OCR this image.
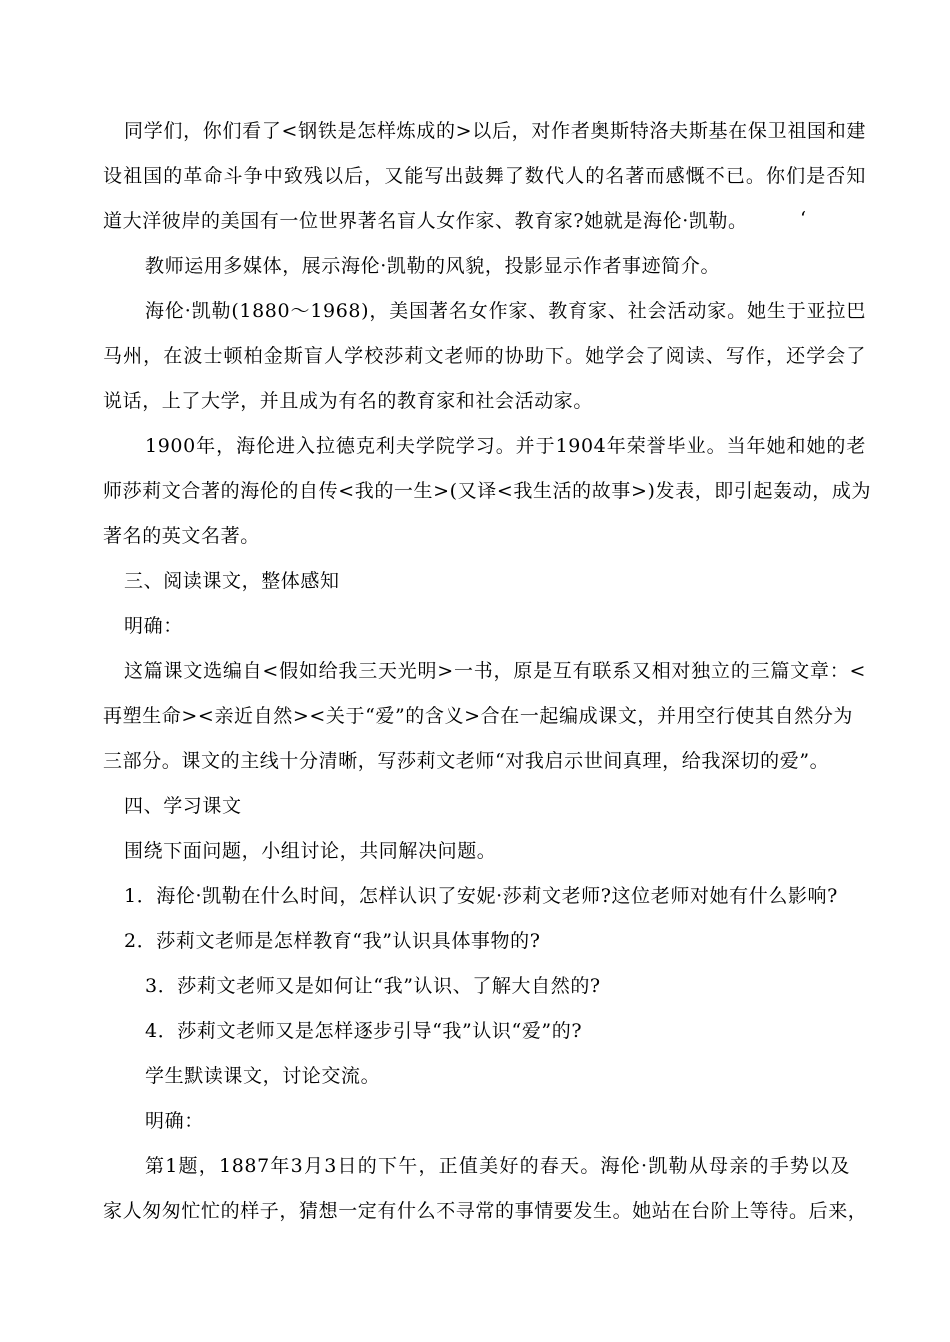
同学们，你们看了<钢铁是怎样炼成的>以后，对作者奥斯特洛夫斯基在保卫祖国和建
设祖国的革命斗争中致残以后，又能写出鼓舞了数代人的名著而感慨不已。你们是否知
道大洋彼岸的美国有一位世界著名盲人女作家、教育家?她就是海伦·凯勒。	‘
教师运用多媒体，展示海伦·凯勒的风貌，投影显示作者事迹简介。
海伦·凯勒(1880～1968)，美国著名女作家、教育家、社会活动家。她生于亚拉巴
马州，在波士顿柏金斯盲人学校莎莉文老师的协助下。她学会了阅读、写作，还学会了
说话，上了大学，并且成为有名的教育家和社会活动家。
1900年，海伦进入拉德克利夫学院学习。并于1904年荣誉毕业。当年她和她的老
师莎莉文合著的海伦的自传<我的一生>(又译<我生活的故事>)发表，即引起轰动，成为
著名的英文名著。
三、阅读课文，整体感知
明确：
这篇课文选编自<假如给我三天光明>一书，原是互有联系又相对独立的三篇文章：<
再塑生命><亲近自然><关于“爱”的含义>合在一起编成课文，并用空行使其自然分为
三部分。课文的主线十分清晰，写莎莉文老师“对我启示世间真理，给我深切的爱”。
四、学习课文
围绕下面问题，小组讨论，共同解决问题。
1．海伦·凯勒在什么时间，怎样认识了安妮·莎莉文老师?这位老师对她有什么影响?
2．莎莉文老师是怎样教育“我”认识具体事物的?
3．莎莉文老师又是如何让“我”认识、了解大自然的?
4．莎莉文老师又是怎样逐步引导“我”认识“爱”的?
学生默读课文，讨论交流。
明确：
第1题，1887年3月3日的下午，正值美好的春天。海伦·凯勒从母亲的手势以及
家人匆匆忙忙的样子，猜想一定有什么不寻常的事情要发生。她站在台阶上等待。后来，
